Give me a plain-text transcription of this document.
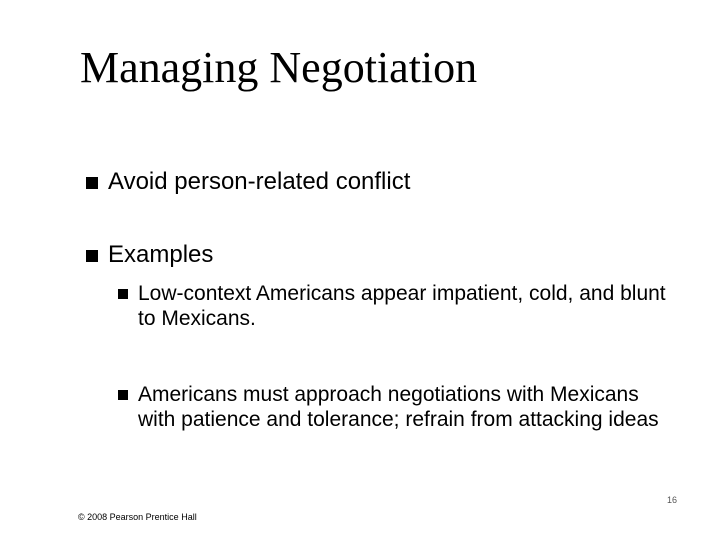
Managing Negotiation
Avoid person-related conflict
Examples
Low-context Americans appear impatient, cold, and blunt to Mexicans.
Americans must approach negotiations with Mexicans with patience and tolerance; refrain from attacking ideas
16
© 2008 Pearson Prentice Hall
